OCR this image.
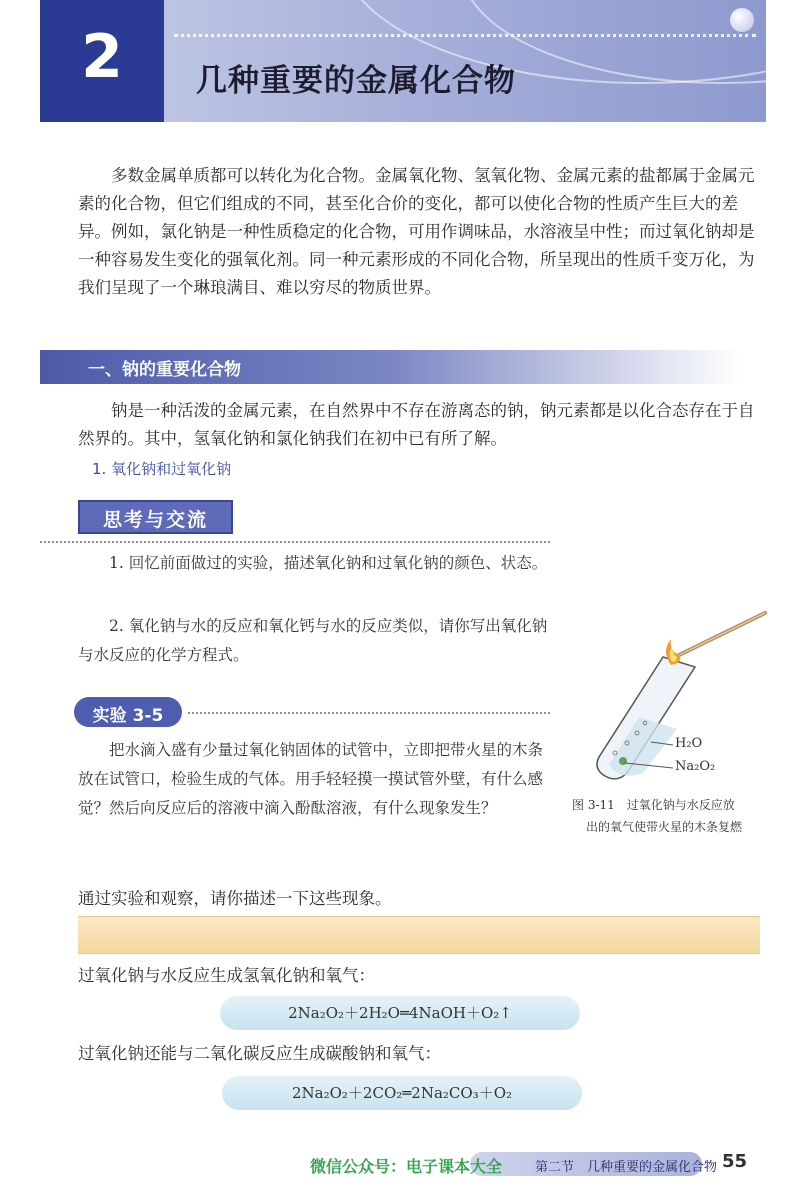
2	几种重要的金属化合物

多数金属单质都可以转化为化合物。金属氧化物、氢氧化物、金属元素的盐都属于金属元素的化合物，但它们组成的不同，甚至化合价的变化，都可以使化合物的性质产生巨大的差异。例如，氯化钠是一种性质稳定的化合物，可用作调味品，水溶液呈中性；而过氧化钠却是一种容易发生变化的强氧化剂。同一种元素形成的不同化合物，所呈现出的性质千变万化，为我们呈现了一个琳琅满目、难以穷尽的物质世界。

一、钠的重要化合物

钠是一种活泼的金属元素，在自然界中不存在游离态的钠，钠元素都是以化合态存在于自然界的。其中，氢氧化钠和氯化钠我们在初中已有所了解。

1. 氧化钠和过氧化钠
思考与交流
1. 回忆前面做过的实验，描述氧化钠和过氧化钠的颜色、状态。
2. 氧化钠与水的反应和氧化钙与水的反应类似，请你写出氧化钠与水反应的化学方程式。
实验 3-5
把水滴入盛有少量过氧化钠固体的试管中，立即把带火星的木条放在试管口，检验生成的气体。用手轻轻摸一摸试管外壁，有什么感觉？然后向反应后的溶液中滴入酚酞溶液，有什么现象发生？
H₂O
Na₂O₂
图 3-11　过氧化钠与水反应放
出的氧气使带火星的木条复燃
通过实验和观察，请你描述一下这些现象。
过氧化钠与水反应生成氢氧化钠和氧气：
2Na₂O₂＋2H₂O═4NaOH＋O₂↑
过氧化钠还能与二氧化碳反应生成碳酸钠和氧气：
2Na₂O₂＋2CO₂═2Na₂CO₃＋O₂
微信公众号：电子课本大全	第二节　几种重要的金属化合物 55
